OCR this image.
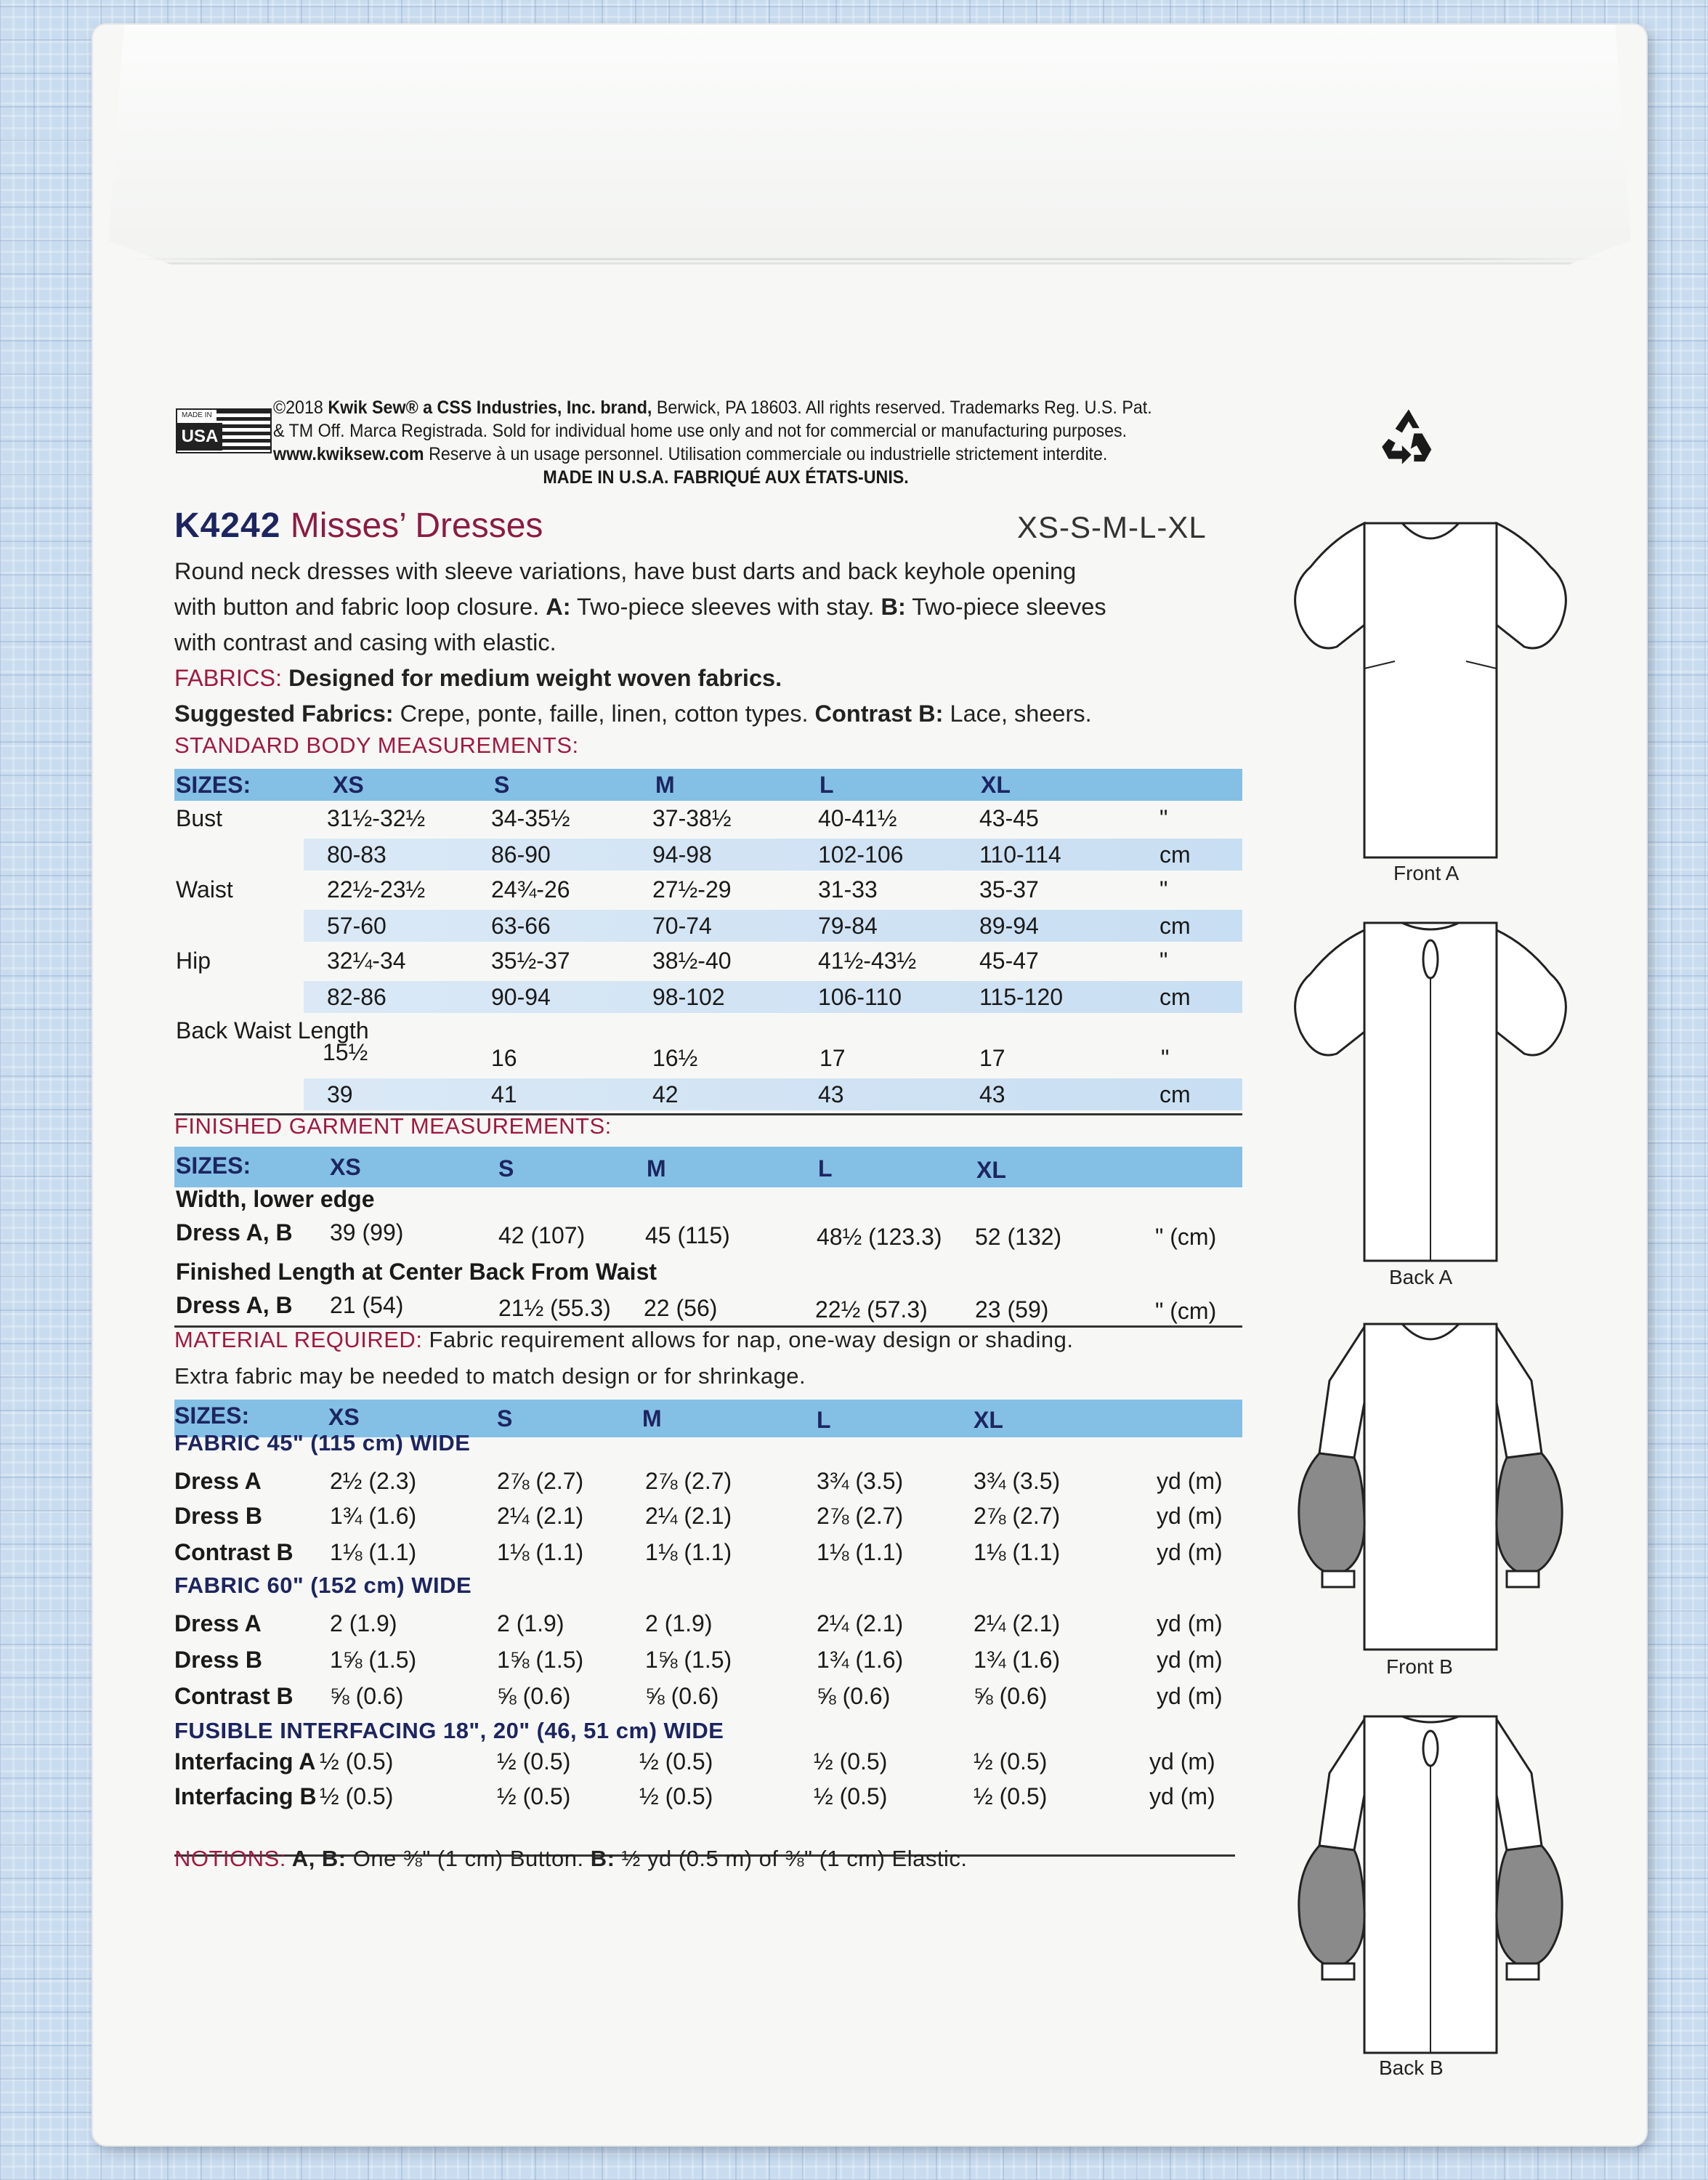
USA
MADE IN	©2018 Kwik Sew® a CSS Industries, Inc. brand, Berwick, PA 18603. All rights reserved. Trademarks Reg. U.S. Pat.
& TM Off. Marca Registrada. Sold for individual home use only and not for commercial or manufacturing purposes.
www.kwiksew.com Reserve à un usage personnel. Utilisation commerciale ou industrielle strictement interdite.
MADE IN U.S.A. FABRIQUÉ AUX ÉTATS-UNIS.
K4242 Misses’ Dresses	XS-S-M-L-XL

Round neck dresses with sleeve variations, have bust darts and back keyhole opening

with button and fabric loop closure. A: Two-piece sleeves with stay. B: Two-piece sleeves

with contrast and casing with elastic.

FABRICS: Designed for medium weight woven fabrics.

Suggested Fabrics: Crepe, ponte, faille, linen, cotton types. Contrast B: Lace, sheers.

STANDARD BODY MEASUREMENTS:
SIZES:	XS	S	M	L	XL
Bust	31½-32½	34-35½	37-38½	40-41½	43-45	"
80-83	86-90	94-98	102-106	110-114	cm
Waist	22½-23½	24¾-26	27½-29	31-33	35-37	"
57-60	63-66	70-74	79-84	89-94	cm
Hip	32¼-34	35½-37	38½-40	41½-43½	45-47	"
82-86	90-94	98-102	106-110	115-120	cm
Back Waist Length
15½	16	16½	17	17	"
39	41	42	43	43	cm
FINISHED GARMENT MEASUREMENTS:
SIZES:	XS	S	M	L	XL
Width, lower edge
Dress A, B 39 (99)	42 (107)	45 (115)	48½ (123.3) 52 (132)	" (cm)
Finished Length at Center Back From Waist
Dress A, B 21 (54)	21½ (55.3) 22 (56)	22½ (57.3) 23 (59)	" (cm)
MATERIAL REQUIRED: Fabric requirement allows for nap, one-way design or shading.
Extra fabric may be needed to match design or for shrinkage.
SIZES:	XS	S	M	L	XL
FABRIC 45" (115 cm) WIDE
Dress A	2½ (2.3)	2⅞ (2.7)	2⅞ (2.7)	3¾ (3.5)	3¾ (3.5)	yd (m)
Dress B	1¾ (1.6)	2¼ (2.1)	2¼ (2.1)	2⅞ (2.7)	2⅞ (2.7)	yd (m)
Contrast B 1⅛ (1.1)	1⅛ (1.1)	1⅛ (1.1)	1⅛ (1.1)	1⅛ (1.1)	yd (m)
FABRIC 60" (152 cm) WIDE
Dress A	2 (1.9)	2 (1.9)	2 (1.9)	2¼ (2.1)	2¼ (2.1)	yd (m)
Dress B	1⅝ (1.5)	1⅝ (1.5)	1⅝ (1.5)	1¾ (1.6)	1¾ (1.6)	yd (m)
Contrast B ⅝ (0.6)	⅝ (0.6)	⅝ (0.6)	⅝ (0.6)	⅝ (0.6)	yd (m)
FUSIBLE INTERFACING 18", 20" (46, 51 cm) WIDE
Interfacing A ½ (0.5)	½ (0.5)	½ (0.5)	½ (0.5)	½ (0.5)	yd (m)
Interfacing B ½ (0.5)	½ (0.5)	½ (0.5)	½ (0.5)	½ (0.5)	yd (m)
NOTIONS: A, B: One ⅜" (1 cm) Button. B: ½ yd (0.5 m) of ⅜" (1 cm) Elastic.
Front A
Back A
Front B
Back B
